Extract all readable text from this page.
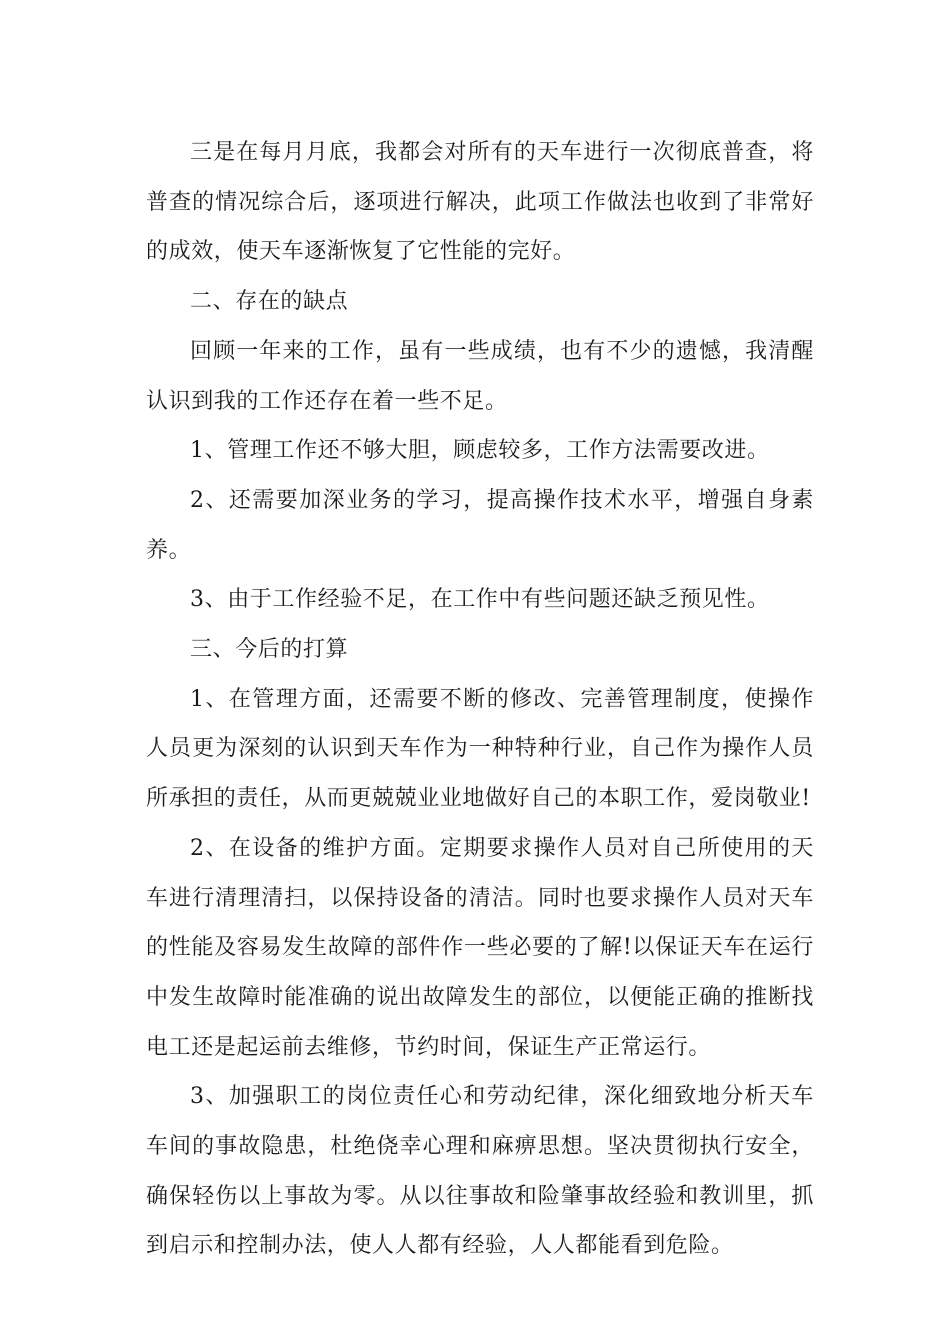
三是在每月月底，我都会对所有的天车进行一次彻底普查，将普查的情况综合后，逐项进行解决，此项工作做法也收到了非常好的成效，使天车逐渐恢复了它性能的完好。

二、存在的缺点

回顾一年来的工作，虽有一些成绩，也有不少的遗憾，我清醒认识到我的工作还存在着一些不足。

1、管理工作还不够大胆，顾虑较多，工作方法需要改进。

2、还需要加深业务的学习，提高操作技术水平，增强自身素养。

3、由于工作经验不足，在工作中有些问题还缺乏预见性。

三、今后的打算

1、在管理方面，还需要不断的修改、完善管理制度，使操作人员更为深刻的认识到天车作为一种特种行业，自己作为操作人员所承担的责任，从而更兢兢业业地做好自己的本职工作，爱岗敬业!

2、在设备的维护方面。定期要求操作人员对自己所使用的天车进行清理清扫，以保持设备的清洁。同时也要求操作人员对天车的性能及容易发生故障的部件作一些必要的了解!以保证天车在运行中发生故障时能准确的说出故障发生的部位，以便能正确的推断找电工还是起运前去维修，节约时间，保证生产正常运行。

3、加强职工的岗位责任心和劳动纪律，深化细致地分析天车车间的事故隐患，杜绝侥幸心理和麻痹思想。坚决贯彻执行安全，确保轻伤以上事故为零。从以往事故和险肇事故经验和教训里，抓到启示和控制办法，使人人都有经验，人人都能看到危险。
